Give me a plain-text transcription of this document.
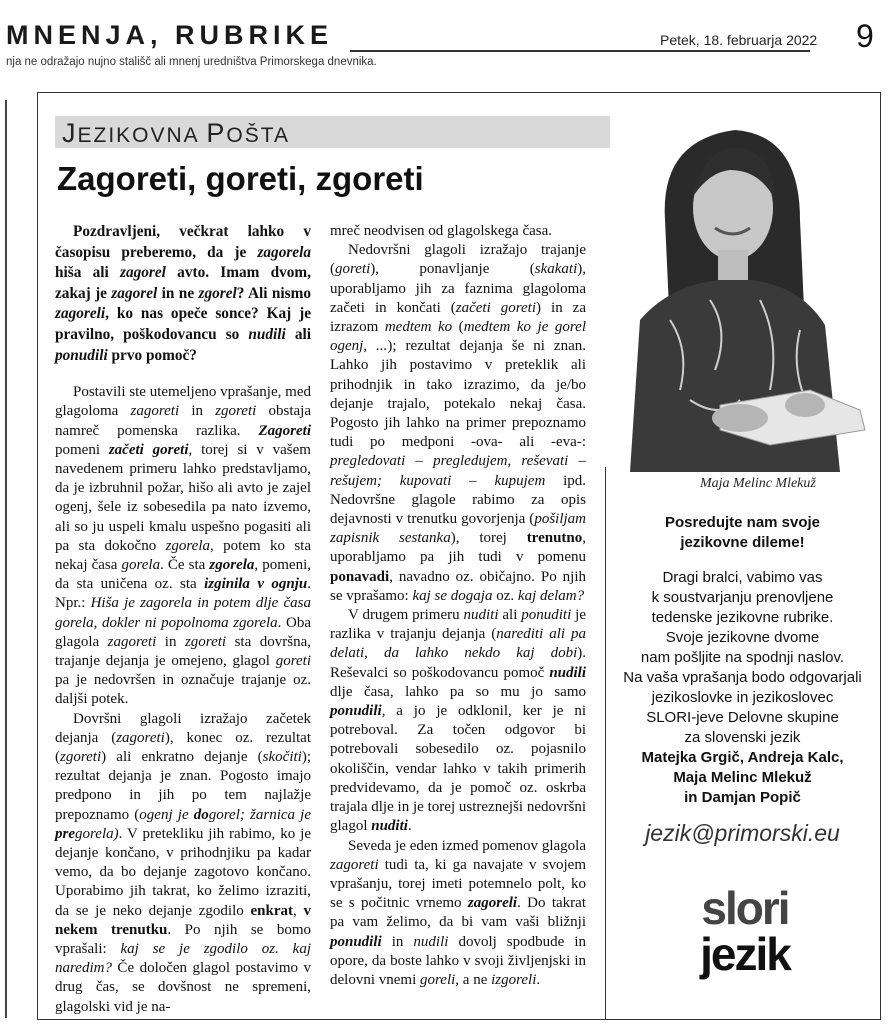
MNENJA, RUBRIKE
nja ne odražajo nujno stališč ali mnenj uredništva Primorskega dnevnika.
Petek, 18. februarja 2022 9
JEZIKOVNA POŠTA
Zagoreti, goreti, zgoreti

Pozdravljeni, večkrat lahko v časopisu preberemo, da je zagorela hiša ali zagorel avto. Imam dvom, zakaj je zagorel in ne zgorel? Ali nismo zagoreli, ko nas opeče sonce? Kaj je pravilno, poškodovancu so nudili ali ponudili prvo pomoč?

Postavili ste utemeljeno vprašanje, med glagoloma zagoreti in zgoreti obstaja namreč pomenska razlika. Zagoreti pomeni začeti goreti, torej si v vašem navedenem primeru lahko predstavljamo, da je izbruhnil požar, hišo ali avto je zajel ogenj, šele iz sobesedila pa nato izvemo, ali so ju uspeli kmalu uspešno pogasiti ali pa sta dokočno zgorela, potem ko sta nekaj časa gorela. Če sta zgorela, pomeni, da sta uničena oz. sta izginila v ognju. Npr.: Hiša je zagorela in potem dlje časa gorela, dokler ni popolnoma zgorela. Oba glagola zagoreti in zgoreti sta dovršna, trajanje dejanja je omejeno, glagol goreti pa je nedovršen in označuje trajanje oz. daljši potek.

Dovršni glagoli izražajo začetek dejanja (zagoreti), konec oz. rezultat (zgoreti) ali enkratno dejanje (skočiti); rezultat dejanja je znan. Pogosto imajo predpono in jih po tem najlažje prepoznamo (ogenj je dogorel; žarnica je pregorela). V pretekliku jih rabimo, ko je dejanje končano, v prihodnjiku pa kadar vemo, da bo dejanje zagotovo končano. Uporabimo jih takrat, ko želimo izraziti, da se je neko dejanje zgodilo enkrat, v nekem trenutku. Po njih se bomo vprašali: kaj se je zgodilo oz. kaj naredim? Če določen glagol postavimo v drug čas, se dovšnost ne spremeni, glagolski vid je na-

mreč neodvisen od glagolskega časa.

Nedovršni glagoli izražajo trajanje (goreti), ponavljanje (skakati), uporabljamo jih za faznima glagoloma začeti in končati (začeti goreti) in za izrazom medtem ko (medtem ko je gorel ogenj, ...); rezultat dejanja še ni znan. Lahko jih postavimo v preteklik ali prihodnjik in tako izrazimo, da je/bo dejanje trajalo, potekalo nekaj časa. Pogosto jih lahko na primer prepoznamo tudi po medponi -ova- ali -eva-: pregledovati – pregledujem, reševati – rešujem; kupovati – kupujem ipd. Nedovršne glagole rabimo za opis dejavnosti v trenutku govorjenja (pošiljam zapisnik sestanka), torej trenutno, uporabljamo pa jih tudi v pomenu ponavadi, navadno oz. običajno. Po njih se vprašamo: kaj se dogaja oz. kaj delam?

V drugem primeru nuditi ali ponuditi je razlika v trajanju dejanja (narediti ali pa delati, da lahko nekdo kaj dobi). Reševalci so poškodovancu pomoč nudili dlje časa, lahko pa so mu jo samo ponudili, a jo je odklonil, ker je ni potreboval. Za točen odgovor bi potrebovali sobesedilo oz. pojasnilo okoliščin, vendar lahko v takih primerih predvidevamo, da je pomoč oz. oskrba trajala dlje in je torej ustreznejši nedovršni glagol nuditi.

Seveda je eden izmed pomenov glagola zagoreti tudi ta, ki ga navajate v svojem vprašanju, torej imeti potemnelo polt, ko se s počitnic vrnemo zagoreli. Do takrat pa vam želimo, da bi vam vaši bližnji ponudili in nudili dovolj spodbude in opore, da boste lahko v svoji življenjski in delovni vnemi goreli, a ne izgoreli.

Maja Melinc Mlekuž
Posredujte nam svoje
jezikovne dileme!
Dragi bralci, vabimo vas
k soustvarjanju prenovljene
tedenske jezikovne rubrike.
Svoje jezikovne dvome
nam pošljite na spodnji naslov.
Na vaša vprašanja bodo odgovarjali
jezikoslovke in jezikoslovec
SLORI-jeve Delovne skupine
za slovenski jezik
Matejka Grgič, Andreja Kalc,
Maja Melinc Mlekuž
in Damjan Popič
jezik@primorski.eu
slori
jezik
